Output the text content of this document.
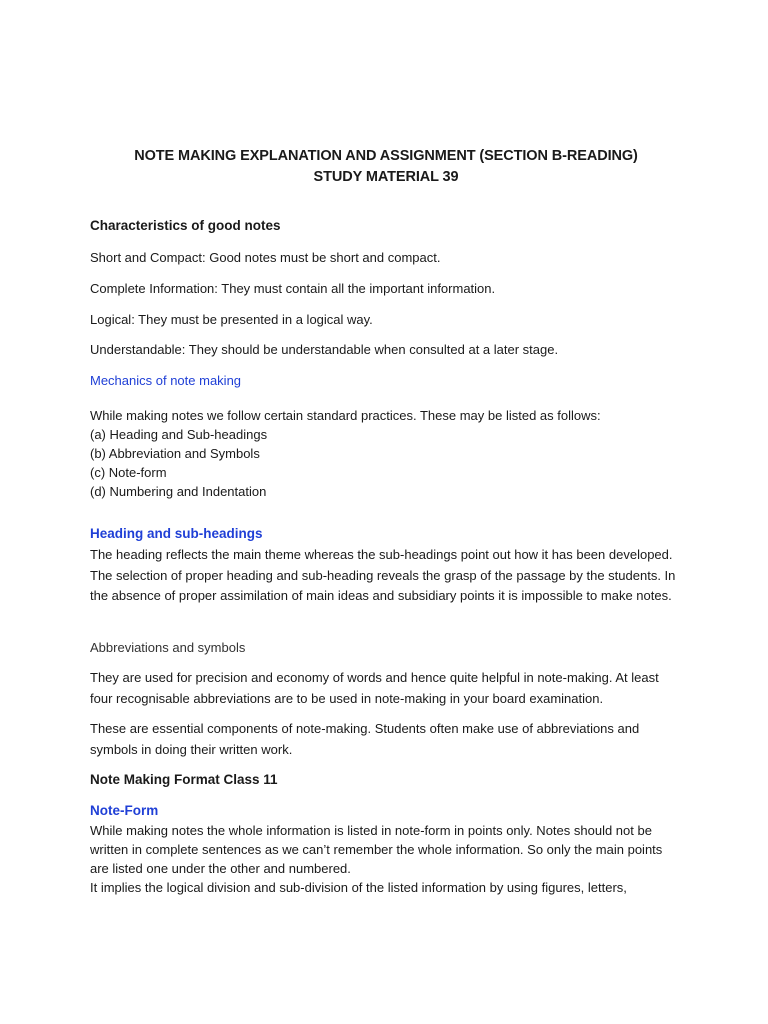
NOTE MAKING EXPLANATION AND ASSIGNMENT (SECTION B-READING)
STUDY MATERIAL 39

Characteristics of good notes

Short and Compact: Good notes must be short and compact.

Complete Information: They must contain all the important information.

Logical: They must be presented in a logical way.

Understandable: They should be understandable when consulted at a later stage.

Mechanics of note making

While making notes we follow certain standard practices. These may be listed as follows:
(a) Heading and Sub-headings
(b) Abbreviation and Symbols
(c) Note-form
(d) Numbering and Indentation

Heading and sub-headings

The heading reflects the main theme whereas the sub-headings point out how it has been developed. The selection of proper heading and sub-heading reveals the grasp of the passage by the students. In the absence of proper assimilation of main ideas and subsidiary points it is impossible to make notes.

Abbreviations and symbols

They are used for precision and economy of words and hence quite helpful in note-making. At least four recognisable abbreviations are to be used in note-making in your board examination.

These are essential components of note-making. Students often make use of abbreviations and symbols in doing their written work.

Note Making Format Class 11

Note-Form

While making notes the whole information is listed in note-form in points only. Notes should not be written in complete sentences as we can’t remember the whole information. So only the main points are listed one under the other and numbered.

It implies the logical division and sub-division of the listed information by using figures, letters,
